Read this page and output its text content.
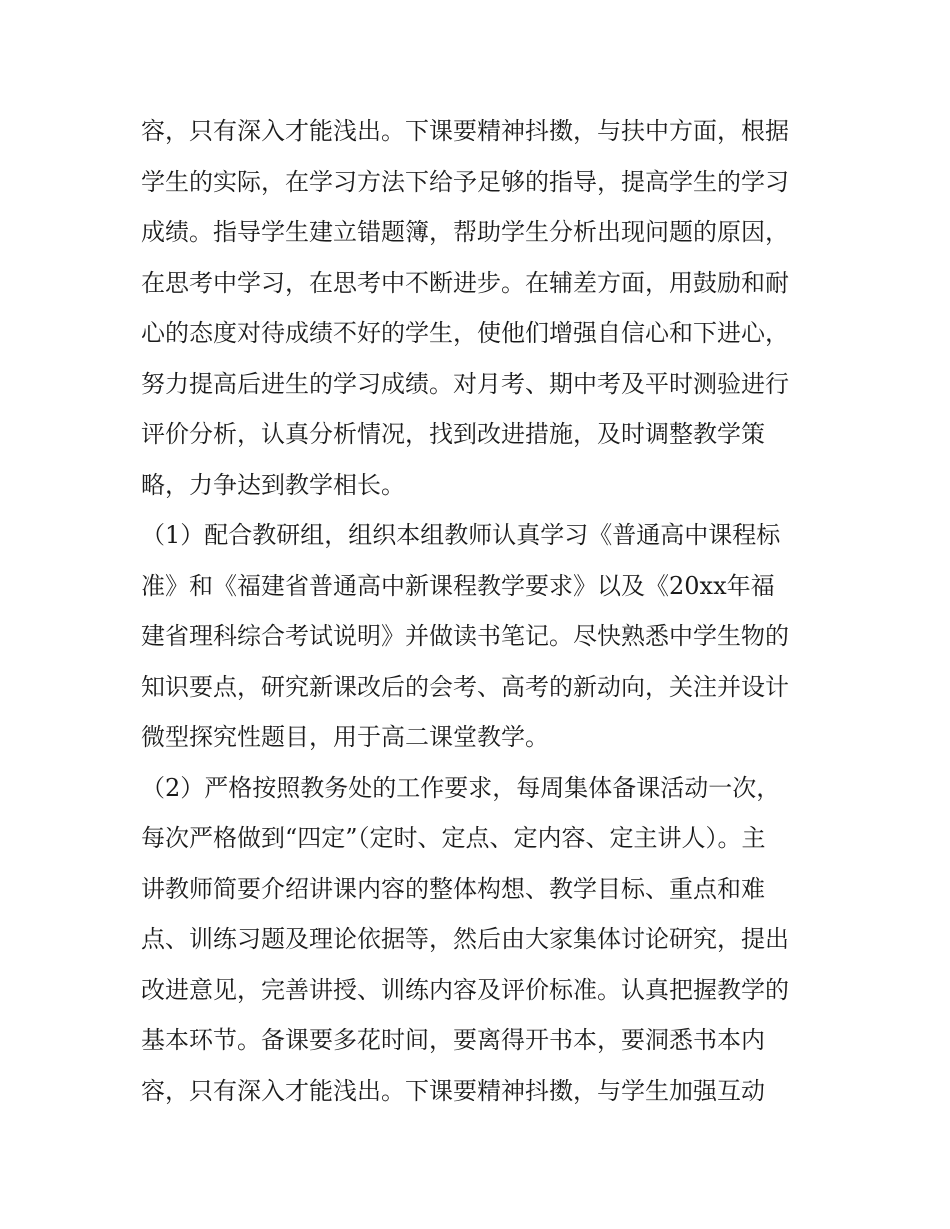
容，只有深入才能浅出。下课要精神抖擞，与扶中方面，根据
学生的实际，在学习方法下给予足够的指导，提高学生的学习
成绩。指导学生建立错题簿，帮助学生分析出现问题的原因，
在思考中学习，在思考中不断进步。在辅差方面，用鼓励和耐
心的态度对待成绩不好的学生，使他们增强自信心和下进心，
努力提高后进生的学习成绩。对月考、期中考及平时测验进行
评价分析，认真分析情况，找到改进措施，及时调整教学策
略，力争达到教学相长。
（1）配合教研组，组织本组教师认真学习《普通高中课程标
准》和《福建省普通高中新课程教学要求》以及《20xx年福
建省理科综合考试说明》并做读书笔记。尽快熟悉中学生物的
知识要点，研究新课改后的会考、高考的新动向，关注并设计
微型探究性题目，用于高二课堂教学。
（2）严格按照教务处的工作要求，每周集体备课活动一次，
每次严格做到“四定”（定时、定点、定内容、定主讲人）。主
讲教师简要介绍讲课内容的整体构想、教学目标、重点和难
点、训练习题及理论依据等，然后由大家集体讨论研究，提出
改进意见，完善讲授、训练内容及评价标准。认真把握教学的
基本环节。备课要多花时间，要离得开书本，要洞悉书本内
容，只有深入才能浅出。下课要精神抖擞，与学生加强互动
